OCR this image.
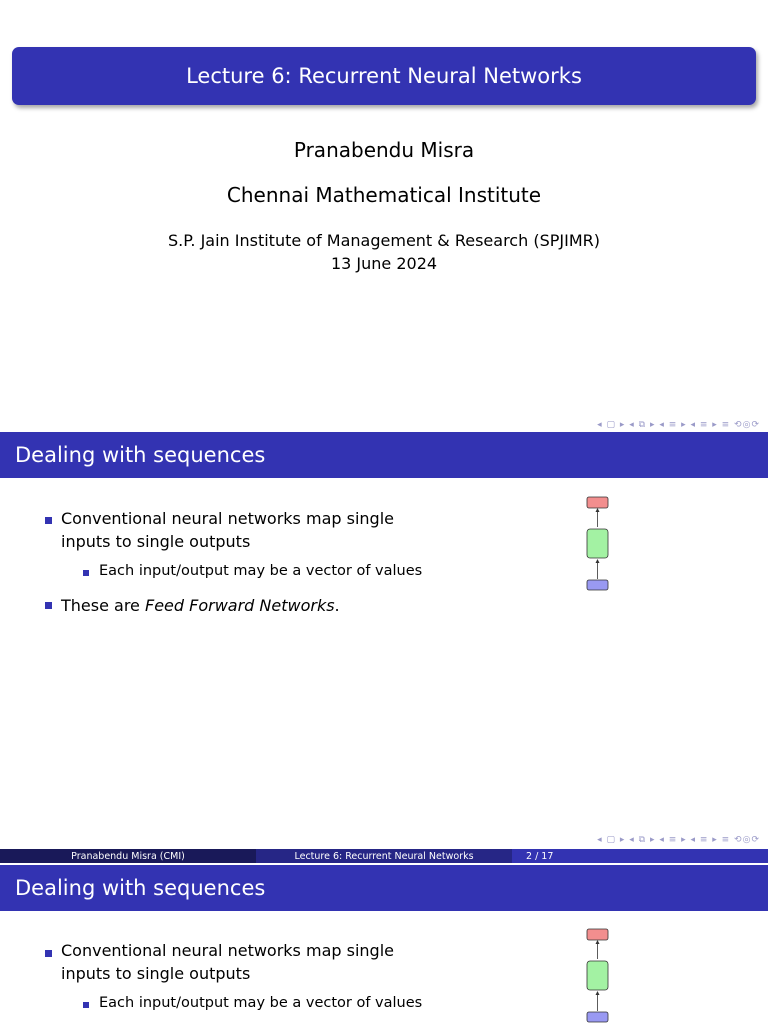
Lecture 6: Recurrent Neural Networks
Pranabendu Misra
Chennai Mathematical Institute
S.P. Jain Institute of Management & Research (SPJIMR)
13 June 2024
◂ ▢ ▸ ◂ ⧉ ▸ ◂ ≡ ▸ ◂ ≡ ▸ ≡ ⟲◎⟳
Dealing with sequences
Conventional neural networks map single
inputs to single outputs
Each input/output may be a vector of values
These are Feed Forward Networks.
◂ ▢ ▸ ◂ ⧉ ▸ ◂ ≡ ▸ ◂ ≡ ▸ ≡ ⟲◎⟳
Pranabendu Misra (CMI)	Lecture 6: Recurrent Neural Networks	2 / 17
Dealing with sequences
Conventional neural networks map single
inputs to single outputs
Each input/output may be a vector of values
